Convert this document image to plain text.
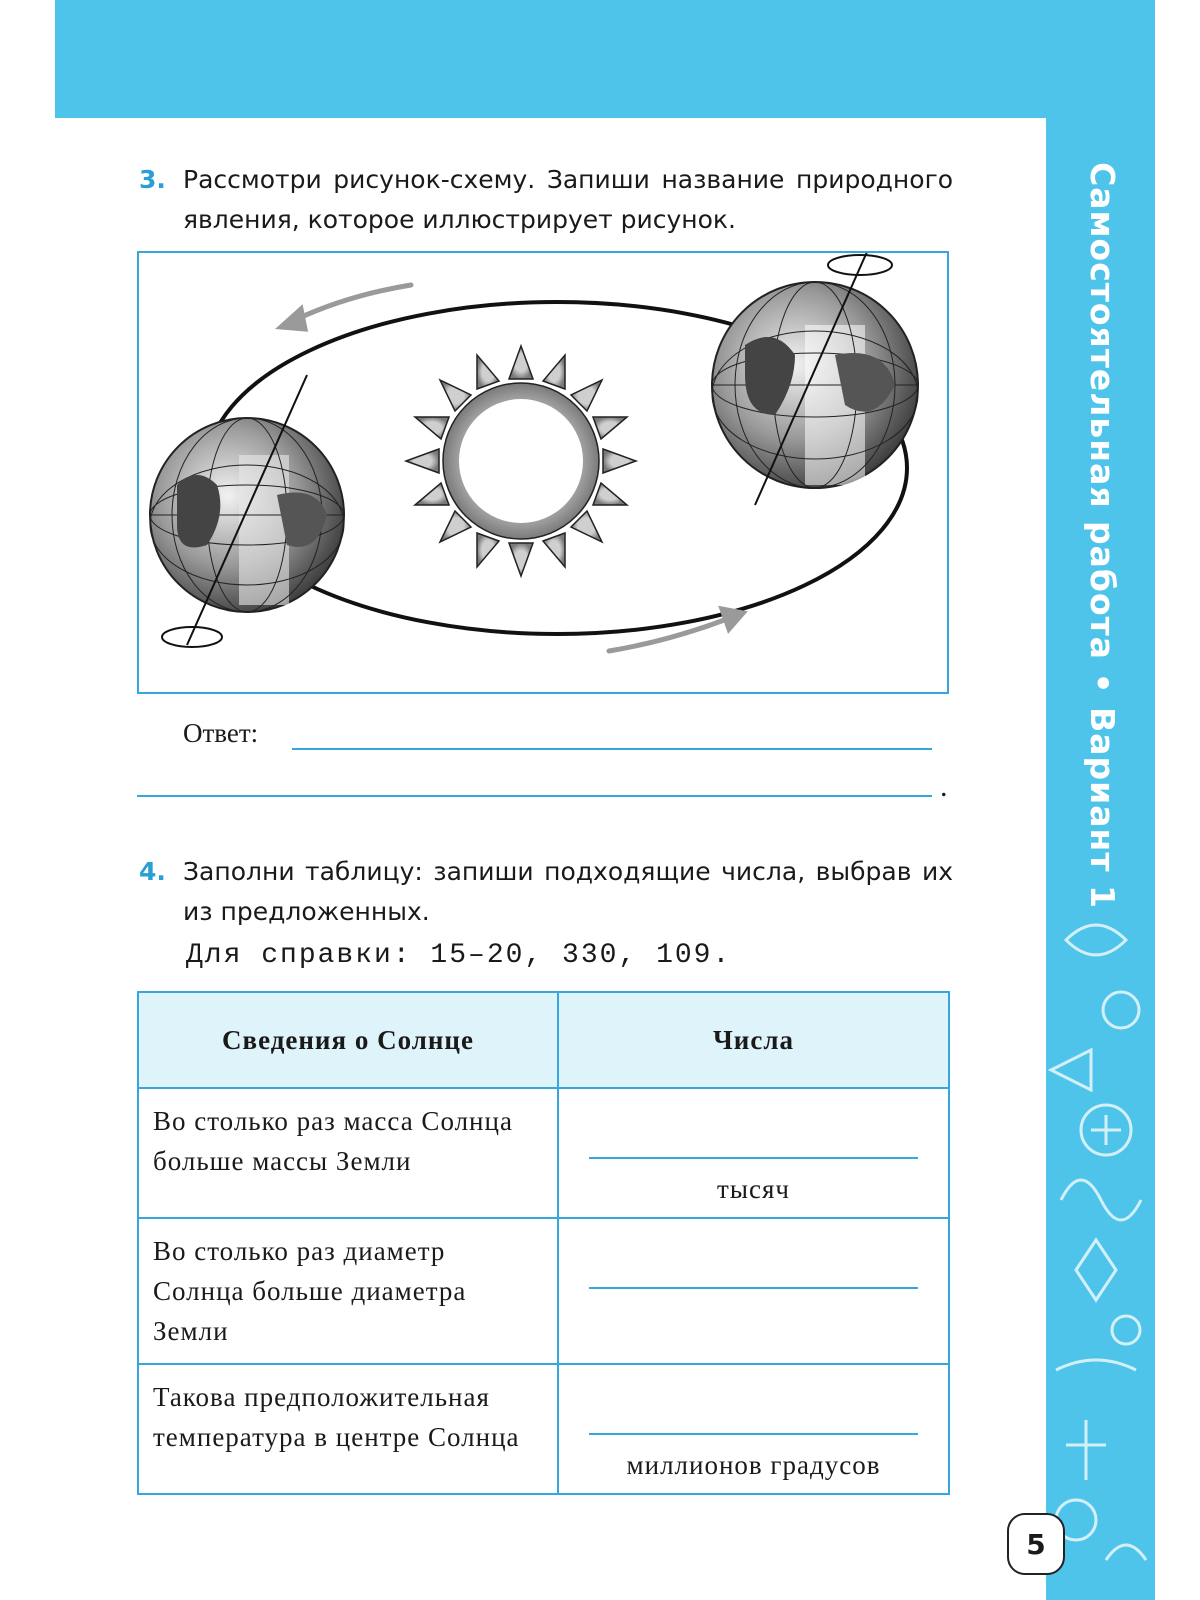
Самостоятельная работа • Вариант 1
3. Рассмотри рисунок-схему. Запиши название природного явления, которое иллюстрирует рисунок.
Ответ:
.
4. Заполни таблицу: запиши подходящие числа, выбрав их из предложенных.
Для справки: 15–20, 330, 109.
Сведения о Солнце	Числа
Во столько раз масса Солнца больше массы Земли	тысяч

Во столько раз диаметр Солнца больше диаметра Земли	

Такова предположительная температура в центре Солнца	миллионов градусов
5
